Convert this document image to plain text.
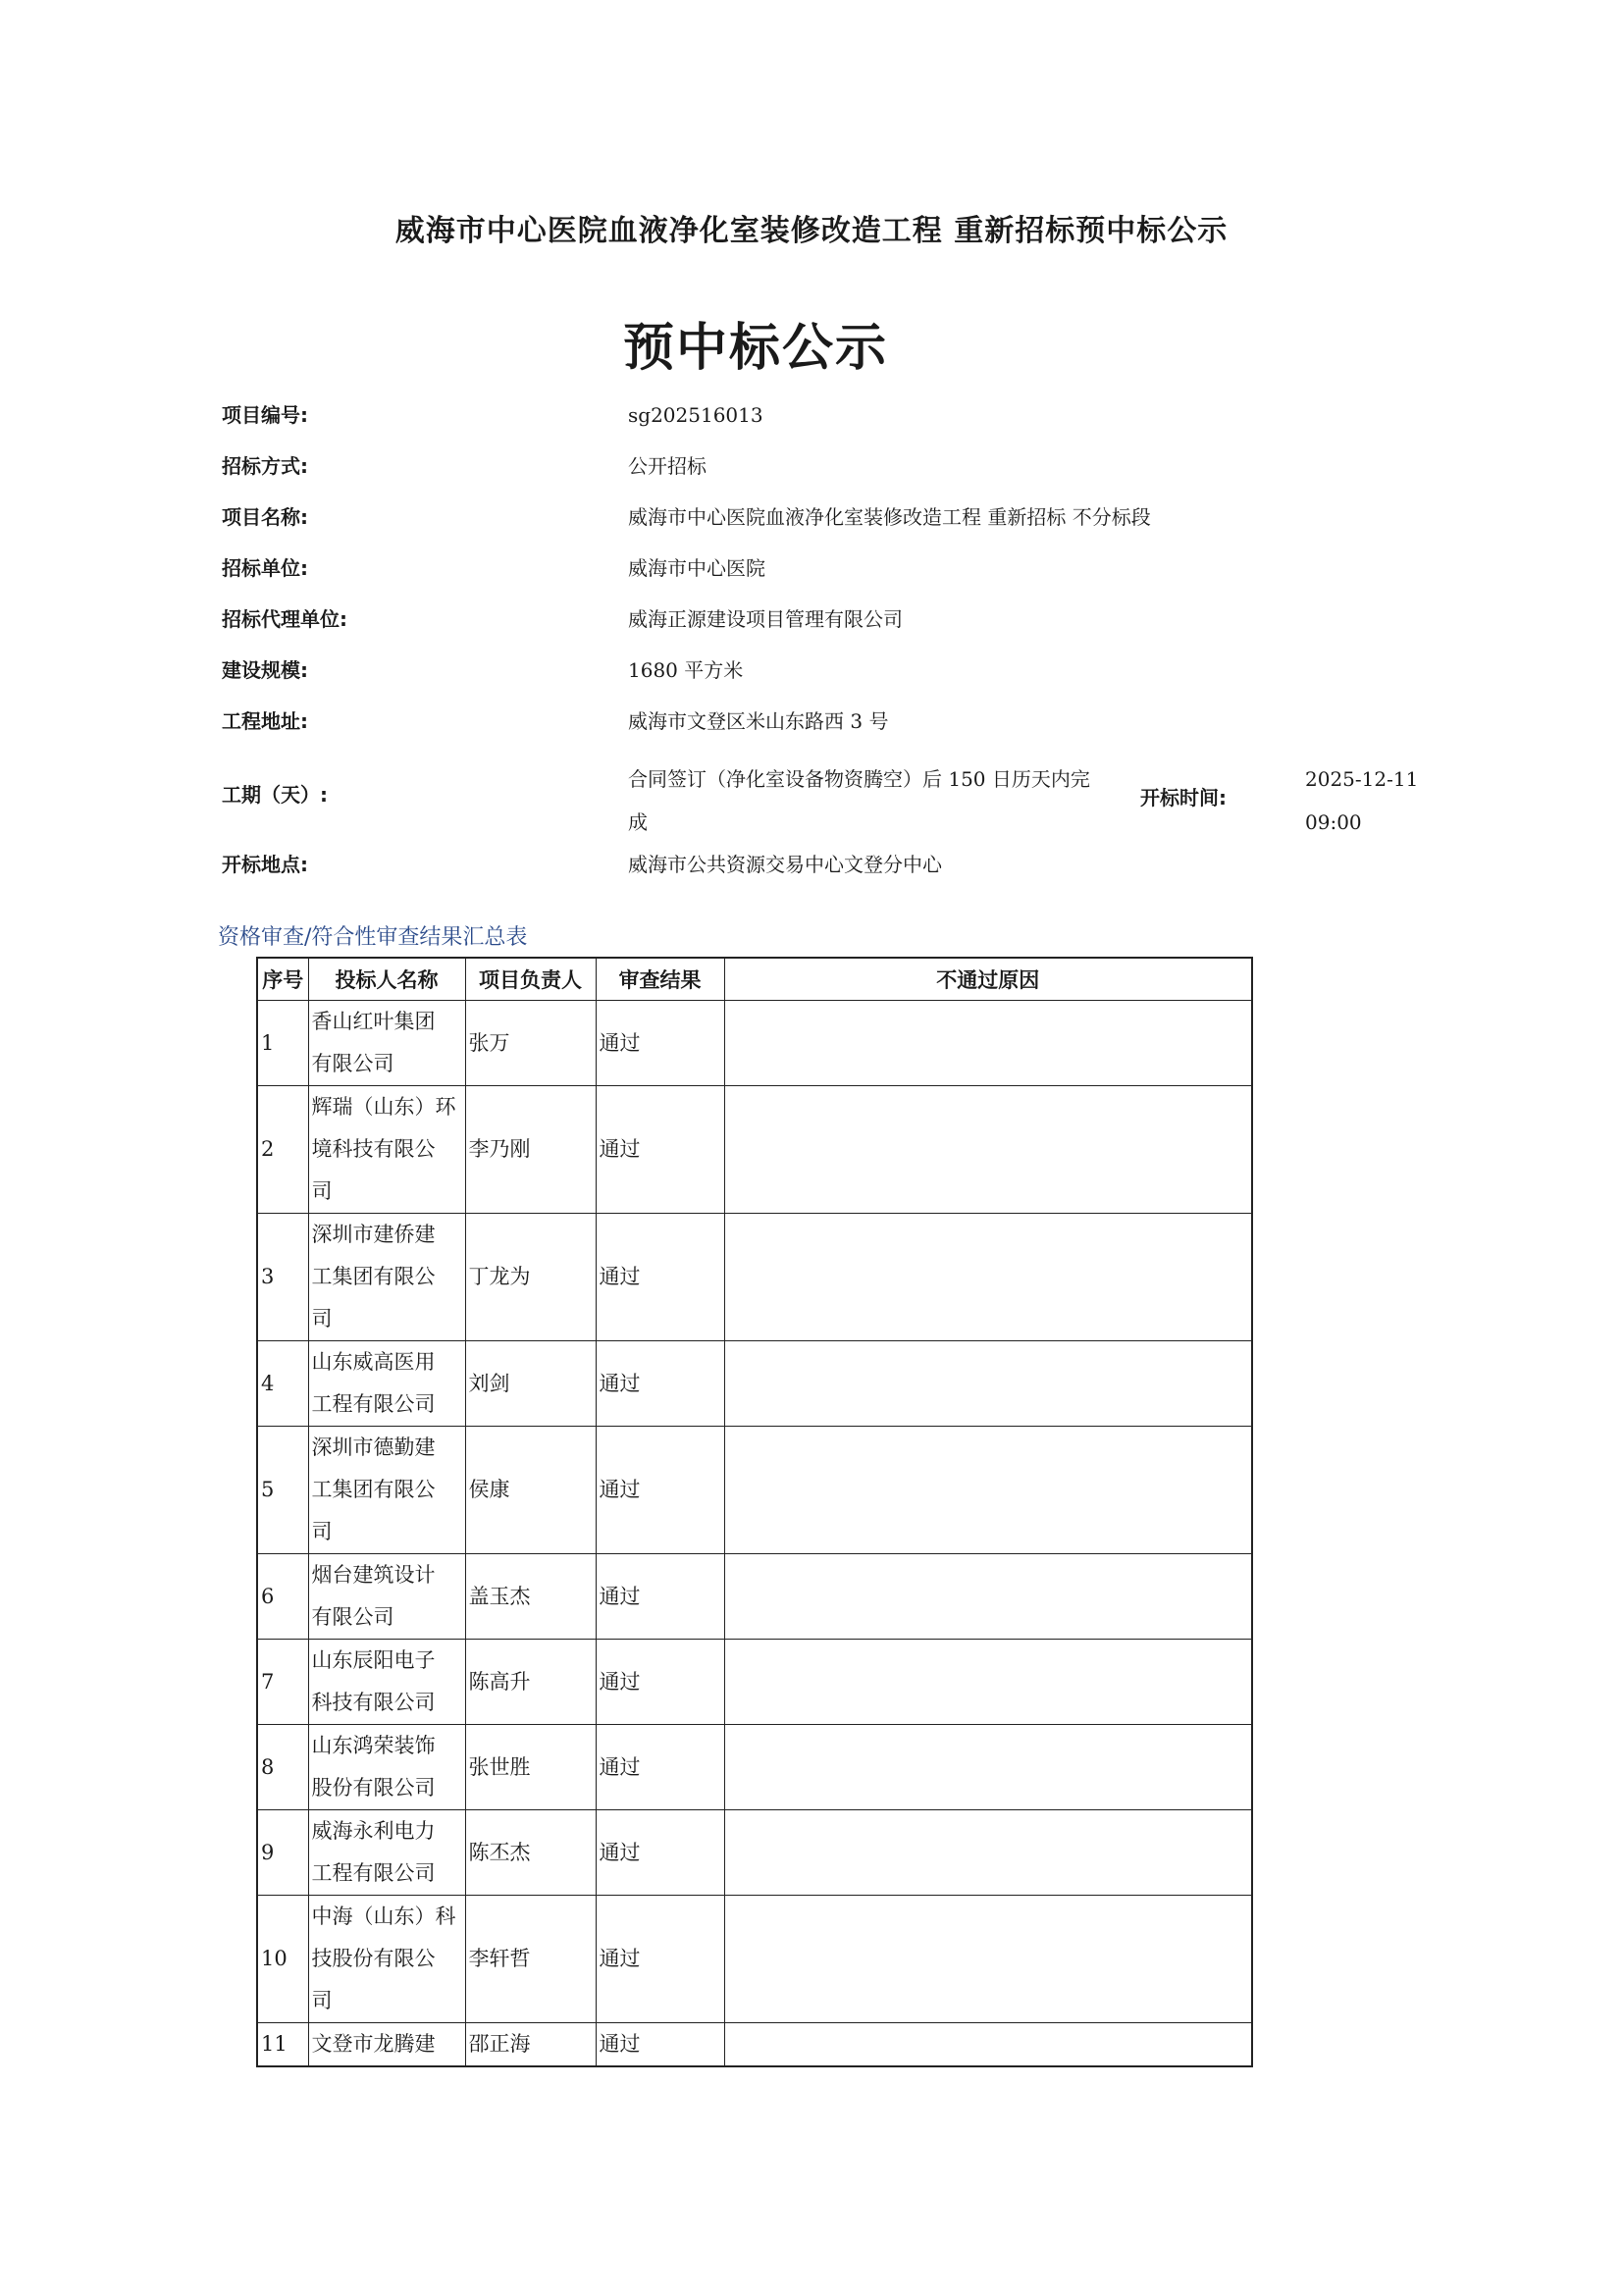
威海市中心医院血液净化室装修改造工程 重新招标预中标公示
预中标公示
项目编号:	sg202516013
招标方式:	公开招标
项目名称:	威海市中心医院血液净化室装修改造工程 重新招标 不分标段
招标单位:	威海市中心医院
招标代理单位:	威海正源建设项目管理有限公司
建设规模:	1680 平方米
工程地址:	威海市文登区米山东路西 3 号
工期（天）:
合同签订（净化室设备物资腾空）后 150 日历天内完
成
开标时间:
2025-12-11
09:00
开标地点:	威海市公共资源交易中心文登分中心
资格审查/符合性审查结果汇总表
序号	投标人名称	项目负责人	审查结果	不通过原因
1	香山红叶集团
有限公司	张万	通过	
2	辉瑞（山东）环
境科技有限公
司	李乃刚	通过	
3	深圳市建侨建
工集团有限公
司	丁龙为	通过	
4	山东威高医用
工程有限公司	刘剑	通过	
5	深圳市德勤建
工集团有限公
司	侯康	通过	
6	烟台建筑设计
有限公司	盖玉杰	通过	
7	山东辰阳电子
科技有限公司	陈高升	通过	
8	山东鸿荣装饰
股份有限公司	张世胜	通过	
9	威海永利电力
工程有限公司	陈丕杰	通过	
10	中海（山东）科
技股份有限公
司	李轩哲	通过	
11	文登市龙腾建	邵正海	通过	
